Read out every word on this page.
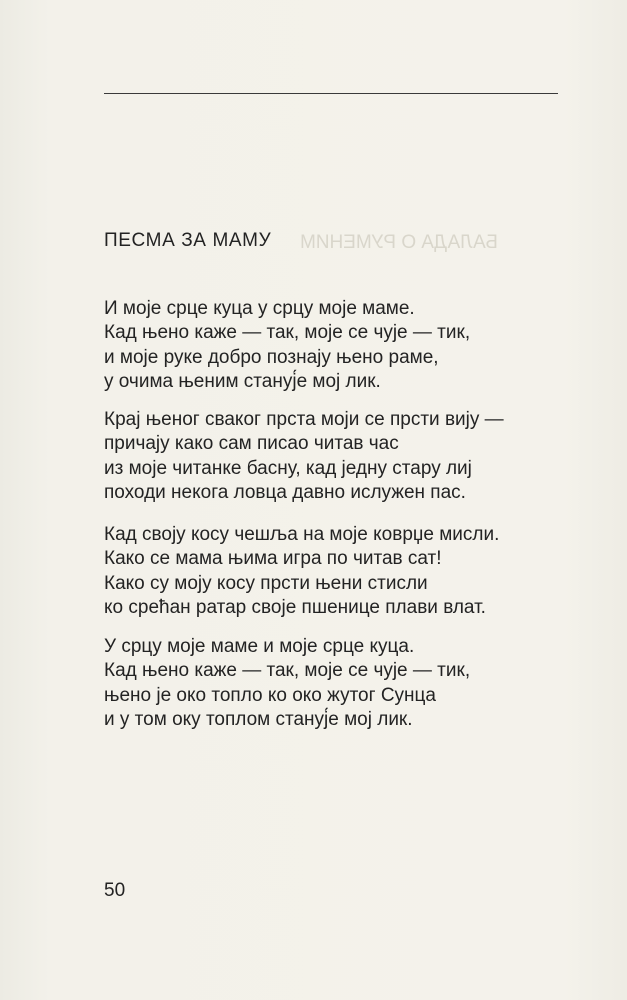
БАЛАДА О РУМЕНИМ
ПЕСМА ЗА МАМУ
И моје срце куца у срцу моје маме.
Кад њено каже — так, моје се чује — тик,
и моје руке добро познају њено раме,
у очима њеним стануј́е мој лик.
Крај њеног сваког прста моји се прсти вију —
причају како сам писао читав час
из моје читанке басну, кад једну стару лиј
походи некога ловца давно ислужен пас.
Кад своју косу чешља на моје коврџе мисли.
Како се мама њима игра по читав сат!
Како су моју косу прсти њени стисли
ко срећан ратар своје пшенице плави влат.
У срцу моје маме и моје срце куца.
Кад њено каже — так, моје се чује — тик,
њено је око топло ко око жутог Сунца
и у том оку топлом стануј́е мој лик.
50
